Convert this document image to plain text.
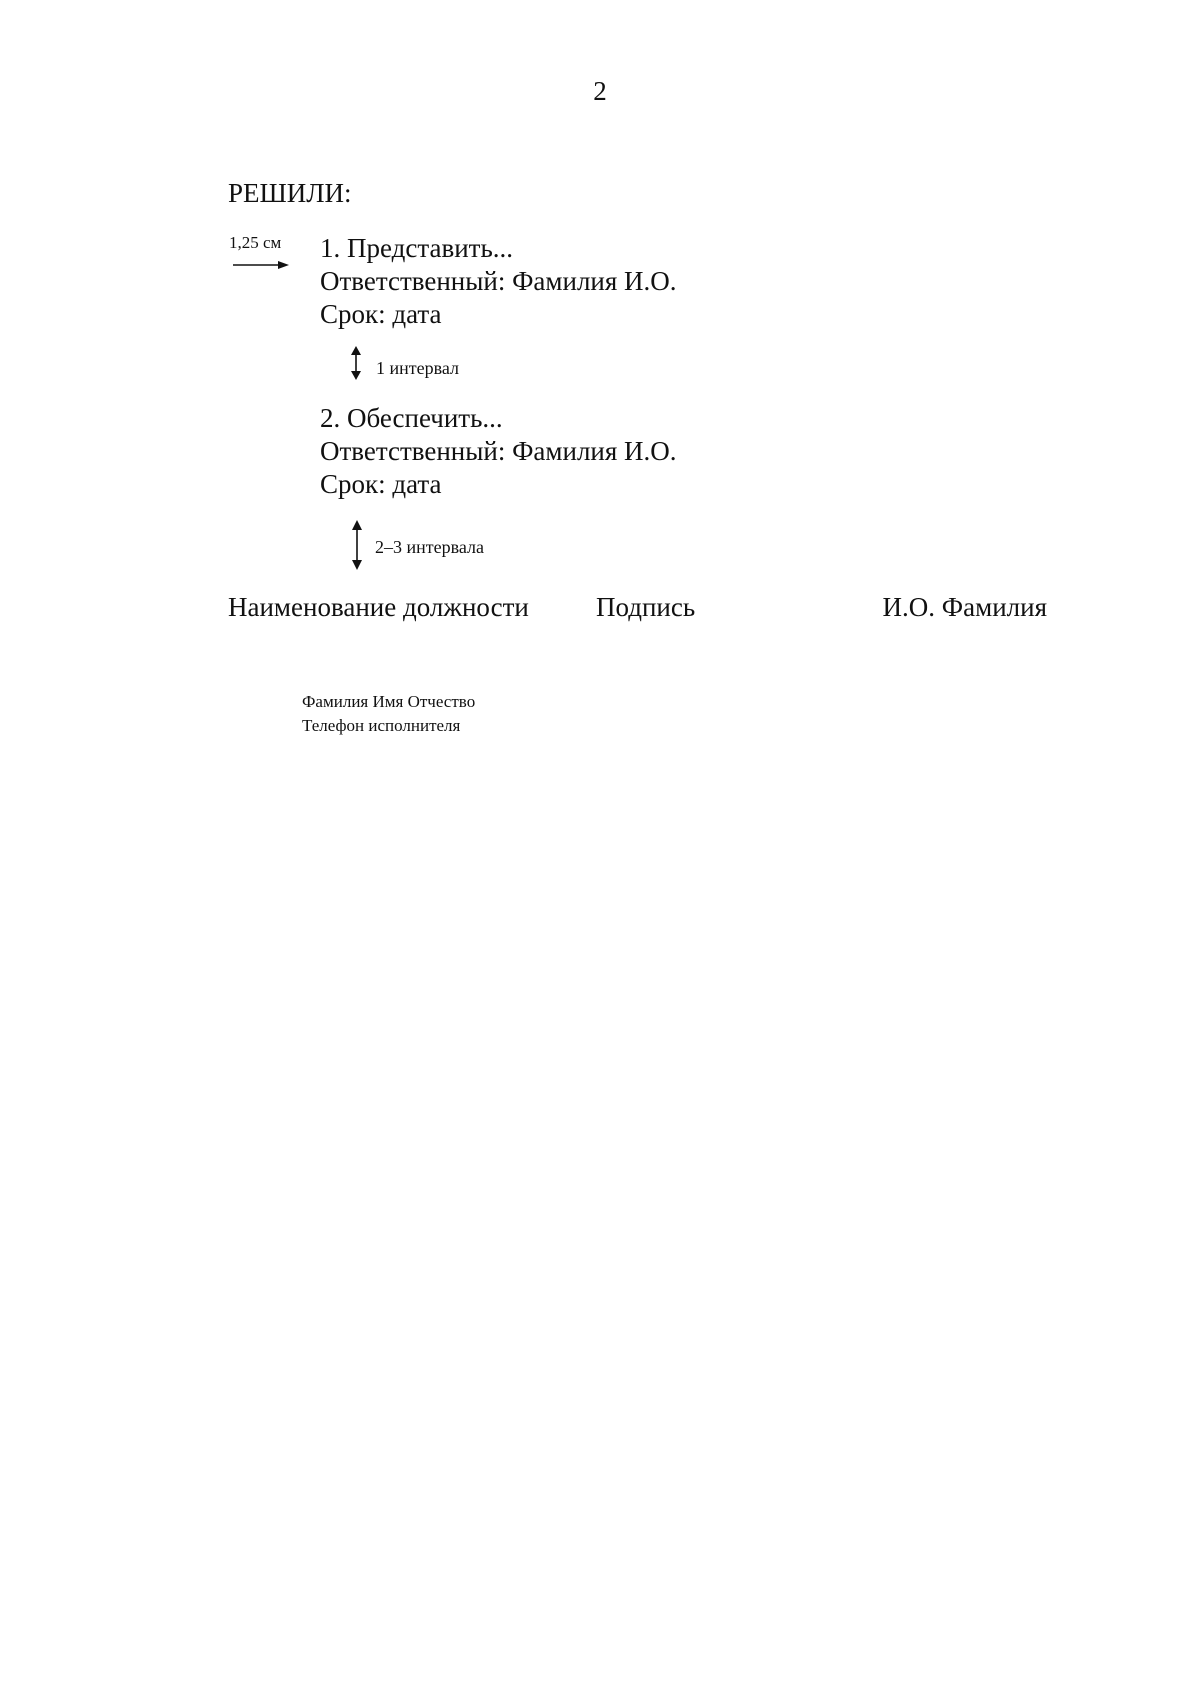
2
РЕШИЛИ:
1,25 см 1. Представить...
Ответственный: Фамилия И.О.
Срок: дата
1 интервал
2. Обеспечить...
Ответственный: Фамилия И.О.
Срок: дата
2–3 интервала
Наименование должности Подпись	И.О. Фамилия
Фамилия Имя Отчество
Телефон исполнителя
